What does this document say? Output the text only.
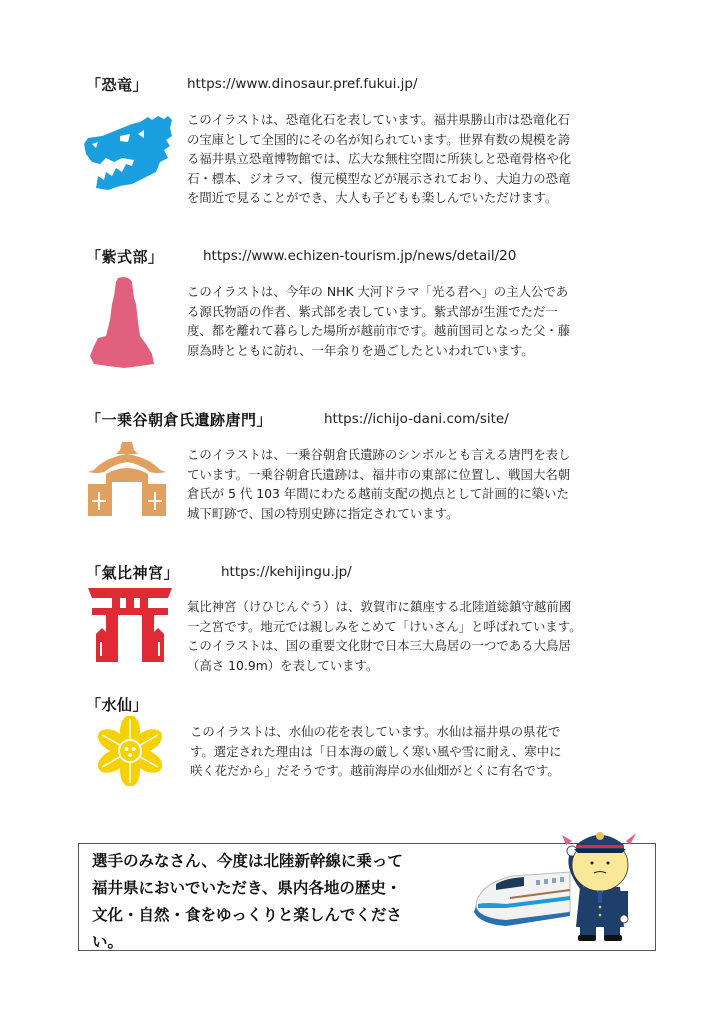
「恐竜」	https://www.dinosaur.pref.fukui.jp/
このイラストは、恐竜化石を表しています。福井県勝山市は恐竜化石
の宝庫として全国的にその名が知られています。世界有数の規模を誇
る福井県立恐竜博物館では、広大な無柱空間に所狭しと恐竜骨格や化
石・標本、ジオラマ、復元模型などが展示されており、大迫力の恐竜
を間近で見ることができ、大人も子どもも楽しんでいただけます。
「紫式部」	https://www.echizen-tourism.jp/news/detail/20
このイラストは、今年の NHK 大河ドラマ「光る君へ」の主人公であ
る源氏物語の作者、紫式部を表しています。紫式部が生涯でただ一
度、都を離れて暮らした場所が越前市です。越前国司となった父・藤
原為時とともに訪れ、一年余りを過ごしたといわれています。
「一乗谷朝倉氏遺跡唐門」	https://ichijo-dani.com/site/
このイラストは、一乗谷朝倉氏遺跡のシンボルとも言える唐門を表し
ています。一乗谷朝倉氏遺跡は、福井市の東部に位置し、戦国大名朝
倉氏が 5 代 103 年間にわたる越前支配の拠点として計画的に築いた
城下町跡で、国の特別史跡に指定されています。
「氣比神宮」	https://kehijingu.jp/
氣比神宮（けひじんぐう）は、敦賀市に鎮座する北陸道総鎮守越前國
一之宮です。地元では親しみをこめて「けいさん」と呼ばれています。
このイラストは、国の重要文化財で日本三大鳥居の一つである大鳥居
（高さ 10.9m）を表しています。
「水仙」
このイラストは、水仙の花を表しています。水仙は福井県の県花で
す。選定された理由は「日本海の厳しく寒い風や雪に耐え、寒中に
咲く花だから」だそうです。越前海岸の水仙畑がとくに有名です。
選手のみなさん、今度は北陸新幹線に乗って
福井県においでいただき、県内各地の歴史・
文化・自然・食をゆっくりと楽しんでくださ
い。
